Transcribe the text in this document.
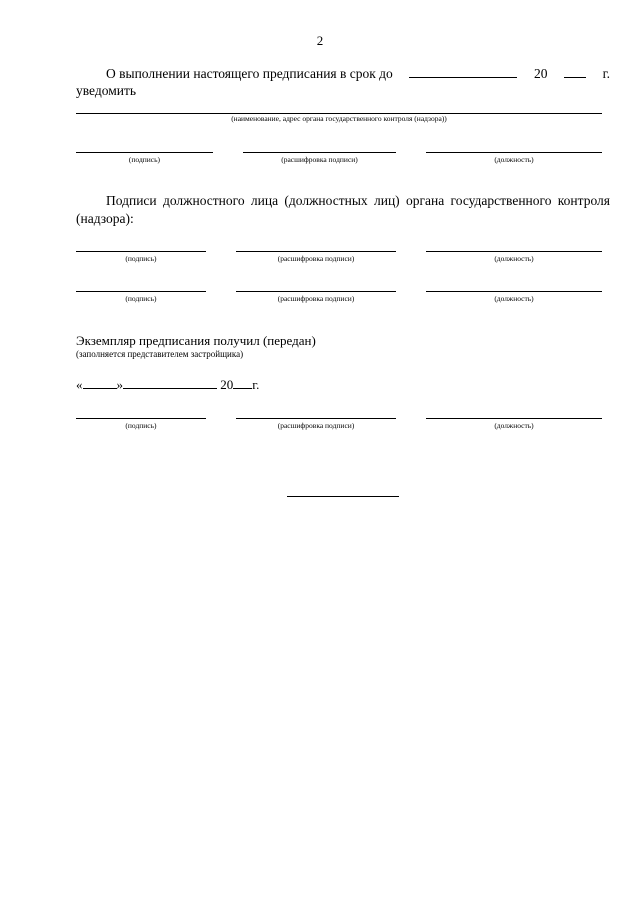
2
О выполнении настоящего предписания в срок до	20	г.
уведомить
(наименование, адрес органа государственного контроля (надзора))
(подпись)	(расшифровка подписи)	(должность)
Подписи должностного лица (должностных лиц) органа государственного контроля (надзора):
(подпись)	(расшифровка подписи)	(должность)
(подпись)	(расшифровка подписи)	(должность)
Экземпляр предписания получил (передан)
(заполняется представителем застройщика)
«	»	20 г.
(подпись)	(расшифровка подписи)	(должность)
